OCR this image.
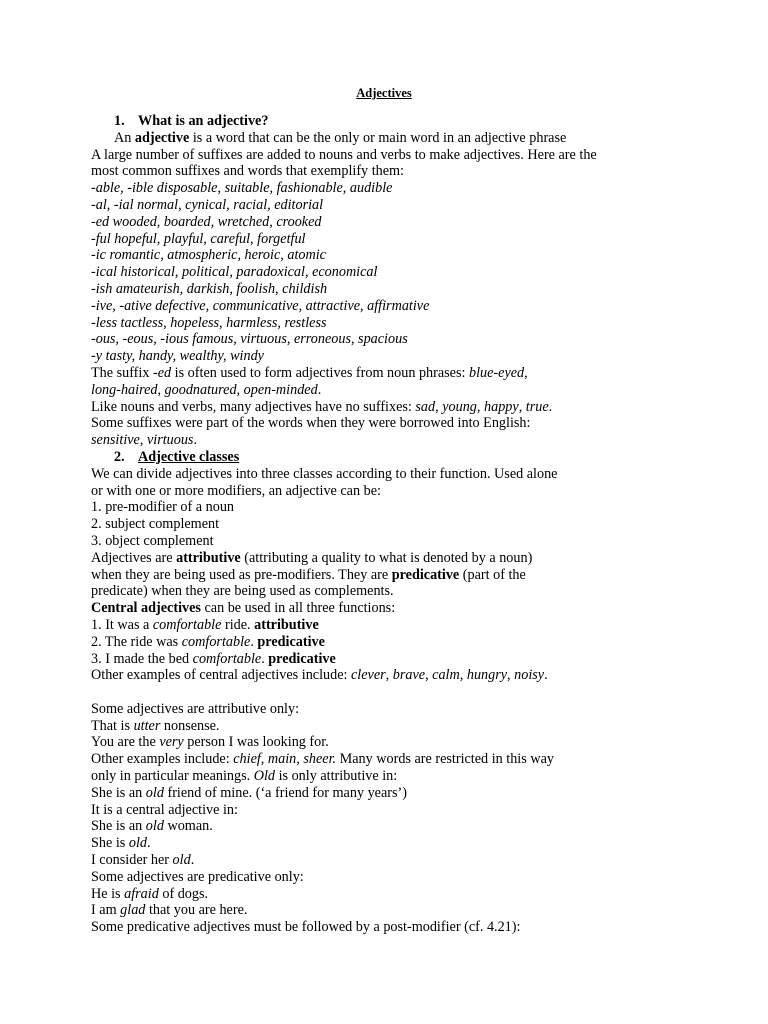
Adjectives
1. What is an adjective?
An adjective is a word that can be the only or main word in an adjective phrase
A large number of suffixes are added to nouns and verbs to make adjectives. Here are the
most common suffixes and words that exemplify them:
-able, -ible disposable, suitable, fashionable, audible
-al, -ial normal, cynical, racial, editorial
-ed wooded, boarded, wretched, crooked
-ful hopeful, playful, careful, forgetful
-ic romantic, atmospheric, heroic, atomic
-ical historical, political, paradoxical, economical
-ish amateurish, darkish, foolish, childish
-ive, -ative defective, communicative, attractive, affirmative
-less tactless, hopeless, harmless, restless
-ous, -eous, -ious famous, virtuous, erroneous, spacious
-y tasty, handy, wealthy, windy
The suffix -ed is often used to form adjectives from noun phrases: blue-eyed,
long-haired, goodnatured, open-minded.
Like nouns and verbs, many adjectives have no suffixes: sad, young, happy, true.
Some suffixes were part of the words when they were borrowed into English:
sensitive, virtuous.
2. Adjective classes
We can divide adjectives into three classes according to their function. Used alone
or with one or more modifiers, an adjective can be:
1. pre-modifier of a noun
2. subject complement
3. object complement
Adjectives are attributive (attributing a quality to what is denoted by a noun)
when they are being used as pre-modifiers. They are predicative (part of the
predicate) when they are being used as complements.
Central adjectives can be used in all three functions:
1. It was a comfortable ride. attributive
2. The ride was comfortable. predicative
3. I made the bed comfortable. predicative
Other examples of central adjectives include: clever, brave, calm, hungry, noisy.
Some adjectives are attributive only:
That is utter nonsense.
You are the very person I was looking for.
Other examples include: chief, main, sheer. Many words are restricted in this way
only in particular meanings. Old is only attributive in:
She is an old friend of mine. (‘a friend for many years’)
It is a central adjective in:
She is an old woman.
She is old.
I consider her old.
Some adjectives are predicative only:
He is afraid of dogs.
I am glad that you are here.
Some predicative adjectives must be followed by a post-modifier (cf. 4.21):
